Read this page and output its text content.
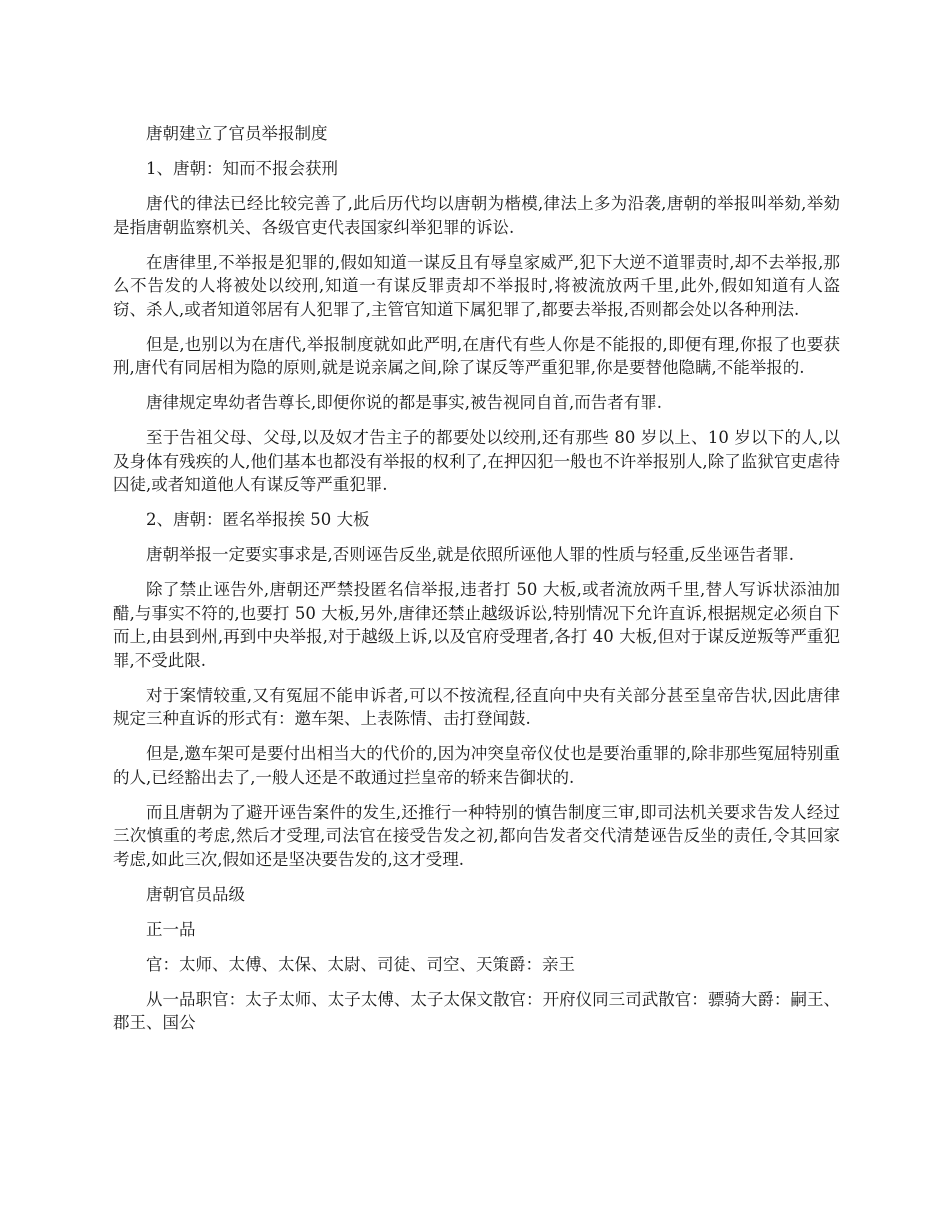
唐朝建立了官员举报制度

1、唐朝：知而不报会获刑

唐代的律法已经比较完善了,此后历代均以唐朝为楷模,律法上多为沿袭,唐朝的举报叫举劾,举劾是指唐朝监察机关、各级官吏代表国家纠举犯罪的诉讼.

在唐律里,不举报是犯罪的,假如知道一谋反且有辱皇家威严,犯下大逆不道罪责时,却不去举报,那么不告发的人将被处以绞刑,知道一有谋反罪责却不举报时,将被流放两千里,此外,假如知道有人盗窃、杀人,或者知道邻居有人犯罪了,主管官知道下属犯罪了,都要去举报,否则都会处以各种刑法.

但是,也别以为在唐代,举报制度就如此严明,在唐代有些人你是不能报的,即便有理,你报了也要获刑,唐代有同居相为隐的原则,就是说亲属之间,除了谋反等严重犯罪,你是要替他隐瞒,不能举报的.

唐律规定卑幼者告尊长,即便你说的都是事实,被告视同自首,而告者有罪.

至于告祖父母、父母,以及奴才告主子的都要处以绞刑,还有那些 80 岁以上、10 岁以下的人,以及身体有残疾的人,他们基本也都没有举报的权利了,在押囚犯一般也不许举报别人,除了监狱官吏虐待囚徒,或者知道他人有谋反等严重犯罪.

2、唐朝：匿名举报挨 50 大板

唐朝举报一定要实事求是,否则诬告反坐,就是依照所诬他人罪的性质与轻重,反坐诬告者罪.

除了禁止诬告外,唐朝还严禁投匿名信举报,违者打 50 大板,或者流放两千里,替人写诉状添油加醋,与事实不符的,也要打 50 大板,另外,唐律还禁止越级诉讼,特别情况下允许直诉,根据规定必须自下而上,由县到州,再到中央举报,对于越级上诉,以及官府受理者,各打 40 大板,但对于谋反逆叛等严重犯罪,不受此限.

对于案情较重,又有冤屈不能申诉者,可以不按流程,径直向中央有关部分甚至皇帝告状,因此唐律规定三种直诉的形式有：邀车架、上表陈情、击打登闻鼓.

但是,邀车架可是要付出相当大的代价的,因为冲突皇帝仪仗也是要治重罪的,除非那些冤屈特别重的人,已经豁出去了,一般人还是不敢通过拦皇帝的轿来告御状的.

而且唐朝为了避开诬告案件的发生,还推行一种特别的慎告制度三审,即司法机关要求告发人经过三次慎重的考虑,然后才受理,司法官在接受告发之初,都向告发者交代清楚诬告反坐的责任,令其回家考虑,如此三次,假如还是坚决要告发的,这才受理.

唐朝官员品级

正一品

官：太师、太傅、太保、太尉、司徒、司空、天策爵：亲王

从一品职官：太子太师、太子太傅、太子太保文散官：开府仪同三司武散官：骠骑大爵：嗣王、郡王、国公
